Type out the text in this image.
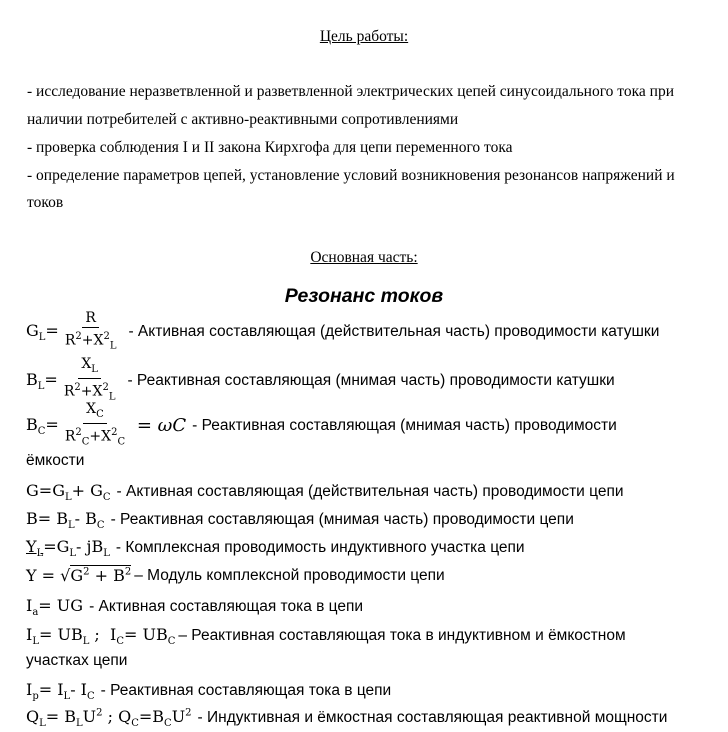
Цель работы:
- исследование неразветвленной и разветвленной электрических цепей синусоидального тока при
наличии потребителей с активно-реактивными сопротивлениями
- проверка соблюдения I и II закона Кирхгофа для цепи переменного тока
- определение параметров цепей, установление условий возникновения резонансов напряжений и
токов
Основная часть:
Резонанс токов
$G_L= \frac{R}{R^2+X^2_L}$ - Активная составляющая (действительная часть) проводимости катушки
$B_L= \frac{X_L}{R^2+X^2_L}$ - Реактивная составляющая (мнимая часть) проводимости катушки
$B_C= \frac{X_C}{R^2_C+X^2_C} = \omega C$ - Реактивная составляющая (мнимая часть) проводимости
ёмкости
$G=G_L+ G_C$ - Активная составляющая (действительная часть) проводимости цепи
$B= B_L-$ $B_C$ - Реактивная составляющая (мнимая часть) проводимости цепи
$Y_L=G_L-$ $jB_L$ - Комплексная проводимость индуктивного участка цепи
$Y = √G^2 + B^2$ – Модуль комплексной проводимости цепи
$I_a=$ UG - Активная составляющая тока в цепи
$I_L= UB_L$ ;  $I_C= UB_C$ – Реактивная составляющая тока в индуктивном и ёмкостном
участках цепи
$I_p= I_L-$ $I_C$ - Реактивная составляющая тока в цепи
$Q_L= B_LU^2$ ; $Q_C=B_CU^2$ - Индуктивная и ёмкостная составляющая реактивной мощности
